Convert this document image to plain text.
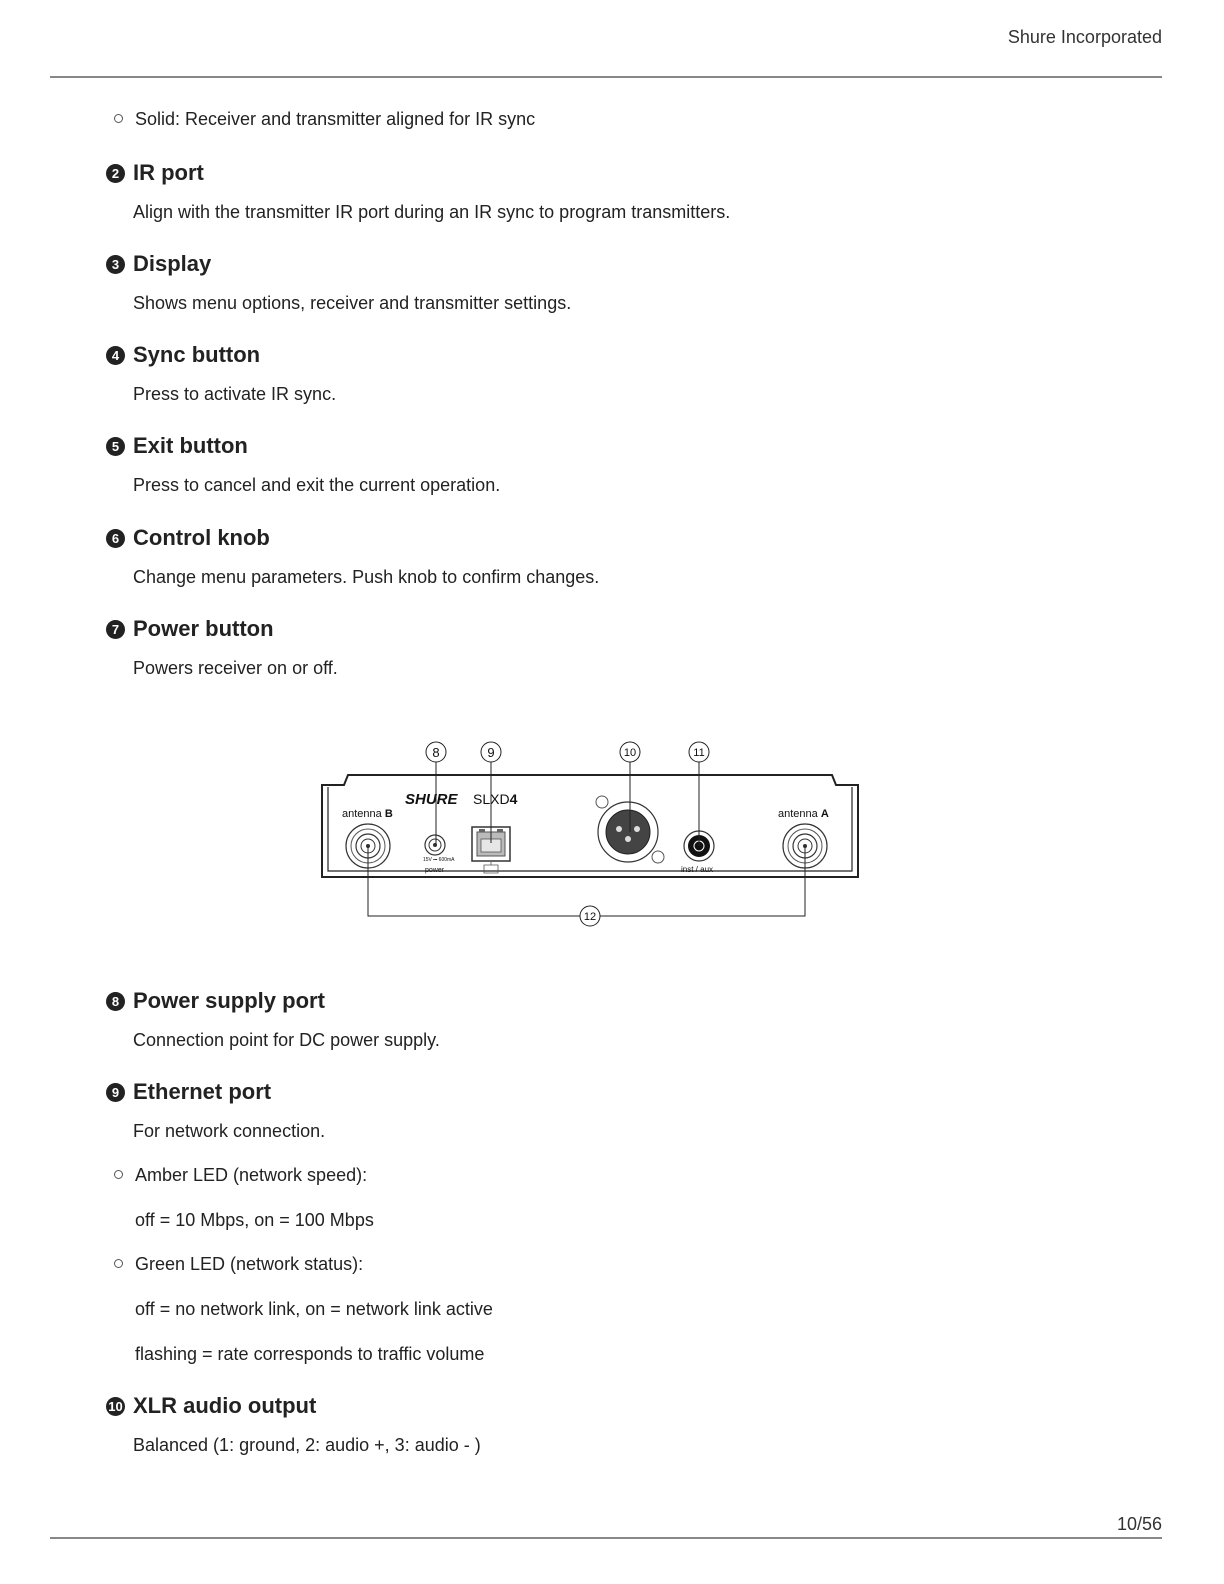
Shure Incorporated
Solid: Receiver and transmitter aligned for IR sync
2 IR port
Align with the transmitter IR port during an IR sync to program transmitters.
3 Display
Shows menu options, receiver and transmitter settings.
4 Sync button
Press to activate IR sync.
5 Exit button
Press to cancel and exit the current operation.
6 Control knob
Change menu parameters. Push knob to confirm changes.
7 Power button
Powers receiver on or off.
SHURE SLXD4
antenna B	antenna A
15V ⎓ 600mA
power	inst / aux
8	9	10	11
12
8 Power supply port
Connection point for DC power supply.
9 Ethernet port
For network connection.
Amber LED (network speed):
off = 10 Mbps, on = 100 Mbps
Green LED (network status):
off = no network link, on = network link active
flashing = rate corresponds to traffic volume
10 XLR audio output
Balanced (1: ground, 2: audio +, 3: audio - )
10/56
